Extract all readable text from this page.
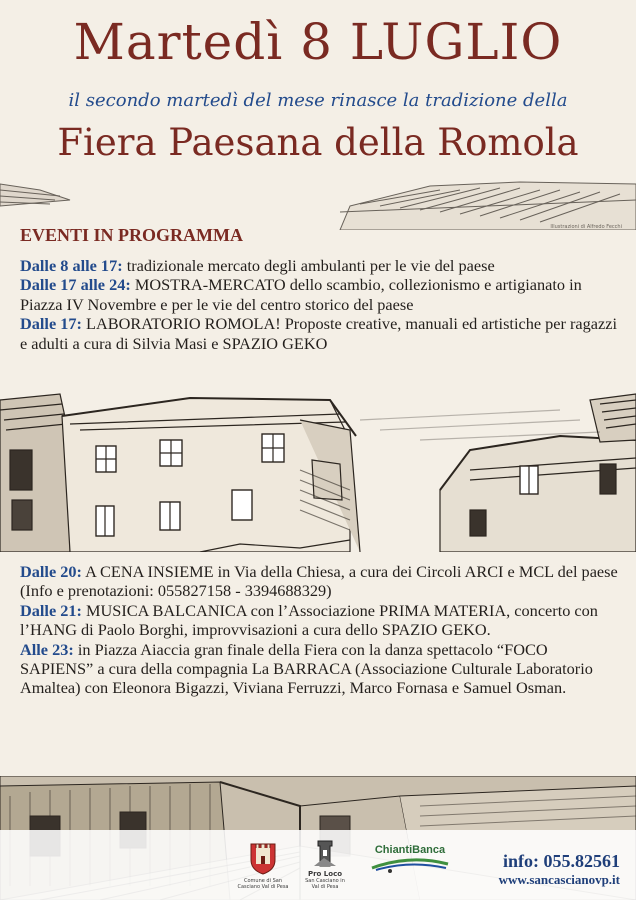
Martedì 8 LUGLIO
il secondo martedì del mese rinasce la tradizione della
Fiera Paesana della Romola
Illustrazioni di Alfredo Fecchi
EVENTI IN PROGRAMMA

Dalle 8 alle 17: tradizionale mercato degli ambulanti per le vie del paese

Dalle 17 alle 24: MOSTRA-MERCATO dello scambio, collezionismo e artigianato in Piazza IV Novembre e per le vie del centro storico del paese

Dalle 17: LABORATORIO ROMOLA! Proposte creative, manuali ed artistiche per ragazzi e adulti a cura di Silvia Masi e SPAZIO GEKO

Dalle 20: A CENA INSIEME in Via della Chiesa, a cura dei Circoli ARCI e MCL del paese (Info e prenotazioni: 055827158 - 3394688329)

Dalle 21: MUSICA BALCANICA con l’Associazione PRIMA MATERIA, concerto con l’HANG di Paolo Borghi, improvvisazioni a cura dello SPAZIO GEKO.

Alle 23: in Piazza Aiaccia gran finale della Fiera con la danza spettacolo “FOCO SAPIENS” a cura della compagnia La BARRACA (Associazione Culturale Laboratorio Amaltea) con Eleonora Bigazzi, Viviana Ferruzzi, Marco Fornasa e Samuel Osman.

Comune di San Casciano Val di Pesa
Pro Loco
San Casciano in Val di Pesa
ChiantiBanca
info: 055.82561
www.sancascianovp.it
